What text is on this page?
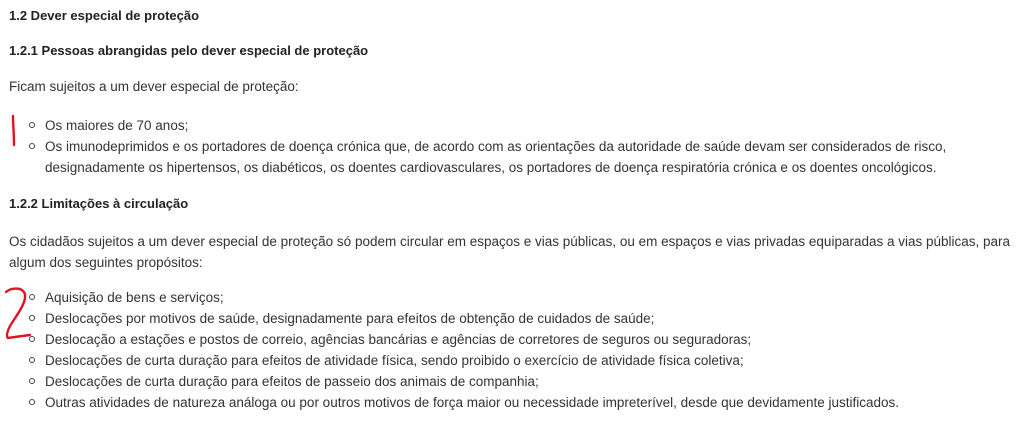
1.2 Dever especial de proteção
1.2.1 Pessoas abrangidas pelo dever especial de proteção
Ficam sujeitos a um dever especial de proteção:
Os maiores de 70 anos;
Os imunodeprimidos e os portadores de doença crónica que, de acordo com as orientações da autoridade de saúde devam ser considerados de risco, designadamente os hipertensos, os diabéticos, os doentes cardiovasculares, os portadores de doença respiratória crónica e os doentes oncológicos.
1.2.2 Limitações à circulação
Os cidadãos sujeitos a um dever especial de proteção só podem circular em espaços e vias públicas, ou em espaços e vias privadas equiparadas a vias públicas, para algum dos seguintes propósitos:
Aquisição de bens e serviços;
Deslocações por motivos de saúde, designadamente para efeitos de obtenção de cuidados de saúde;
Deslocação a estações e postos de correio, agências bancárias e agências de corretores de seguros ou seguradoras;
Deslocações de curta duração para efeitos de atividade física, sendo proibido o exercício de atividade física coletiva;
Deslocações de curta duração para efeitos de passeio dos animais de companhia;
Outras atividades de natureza análoga ou por outros motivos de força maior ou necessidade impreterível, desde que devidamente justificados.
